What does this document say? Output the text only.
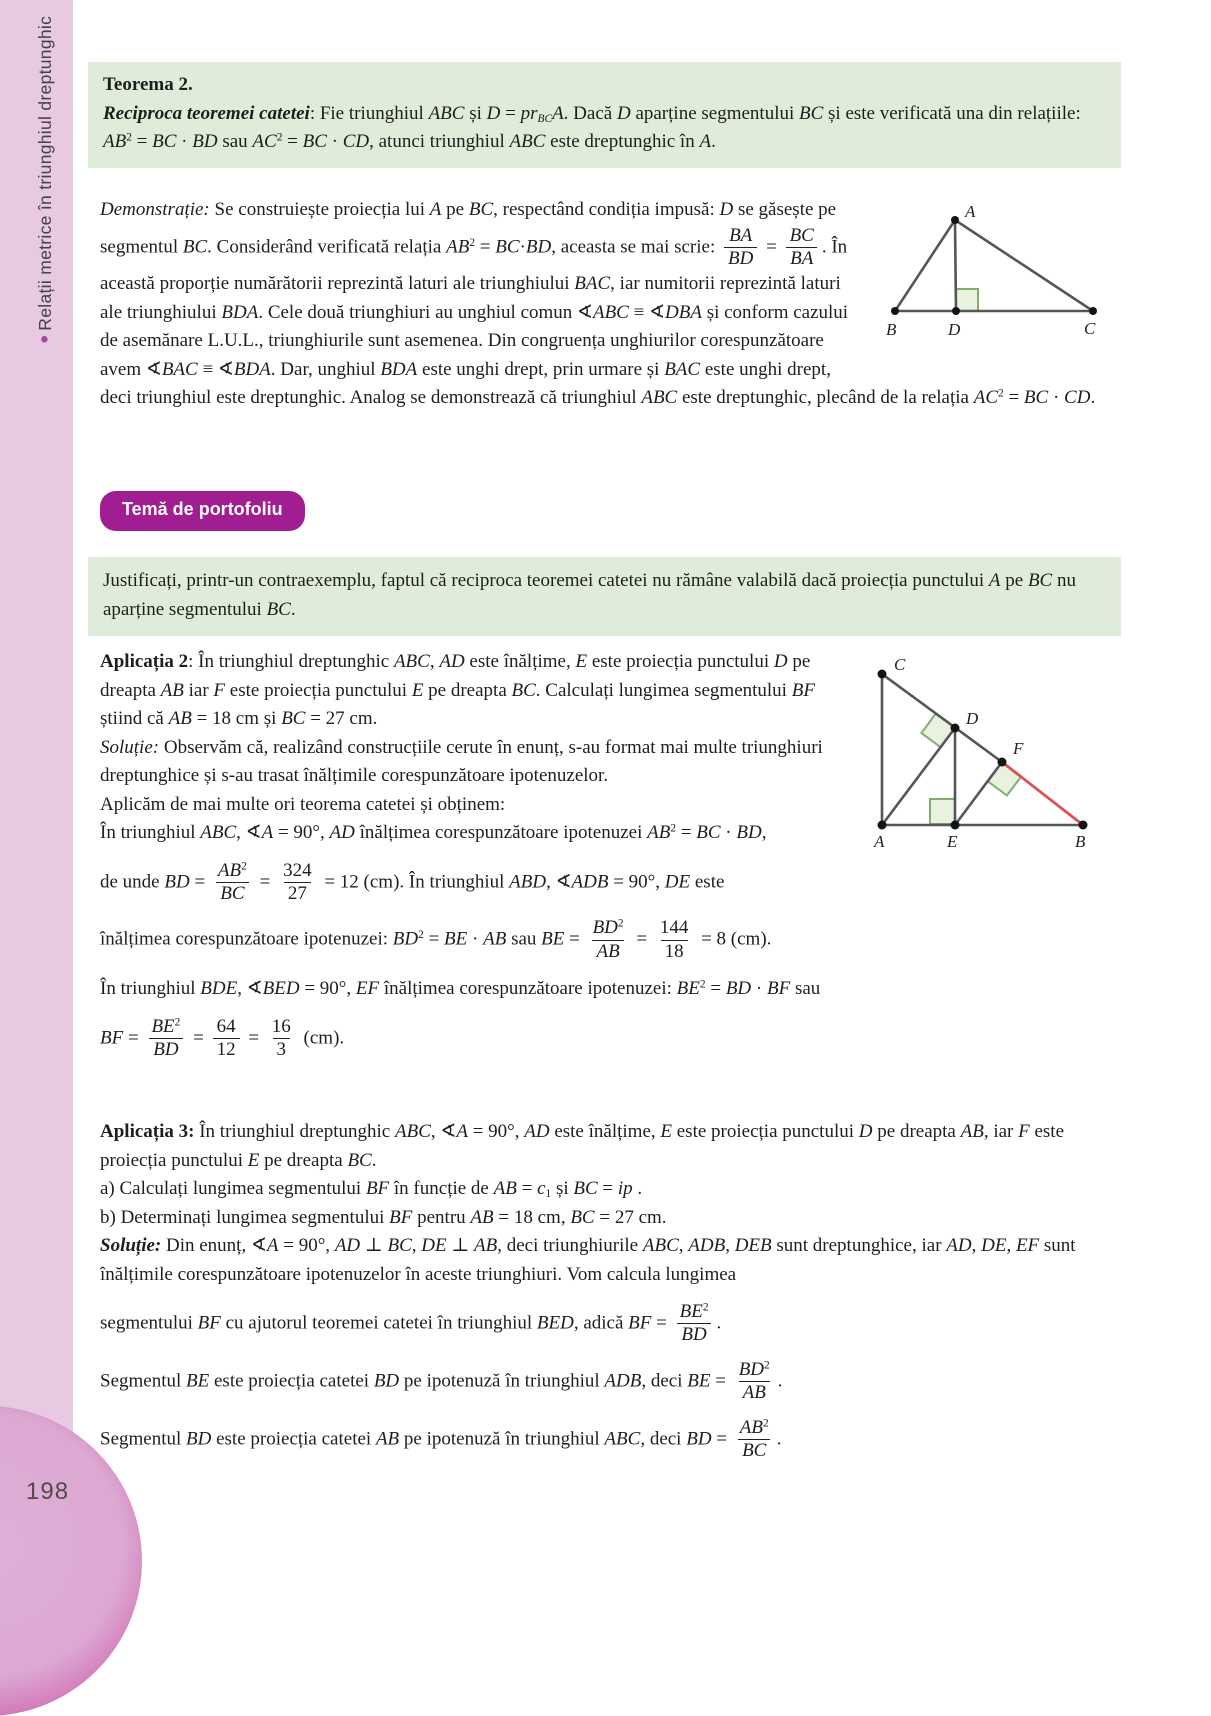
●Relații metrice în triunghiul dreptunghic
198
Teorema 2.

Reciproca teoremei catetei: Fie triunghiul ABC și $D = pr_{BC}A$. Dacă D aparține segmentului BC și este verificată una din relațiile: $AB^2$ = BC · BD sau $AC^2$ = BC · CD, atunci triunghiul ABC este dreptunghic în A.

A
B	D	C

Demonstrație: Se construiește proiecția lui A pe BC, respectând condiția impusă: D se găsește pe segmentul BC. Considerând verificată relația $AB^2 = BC\cdot BD$, aceasta se mai scrie: $\frac{BA}{BD} = \frac{BC}{BA}$ . În această proporție numărătorii reprezintă laturi ale triunghiului BAC, iar numitorii reprezintă laturi ale triunghiului BDA. Cele două triunghiuri au unghiul comun ∢ABC ≡ ∢DBA și conform cazului de asemănare L.U.L., triunghiurile sunt asemenea. Din congruența unghiurilor corespunzătoare avem ∢BAC ≡ ∢BDA. Dar, unghiul BDA este unghi drept, prin urmare și BAC este unghi drept, deci triunghiul este dreptunghic. Analog se demonstrează că triunghiul ABC este dreptunghic, plecând de la relația $AC^2$ = BC · CD.

Temă de portofoliu

Justificați, printr-un contraexemplu, faptul că reciproca teoremei catetei nu rămâne valabilă dacă proiecția punctului A pe BC nu aparține segmentului BC.

C
D
F
A	E	B

Aplicația 2: În triunghiul dreptunghic ABC, AD este înălțime, E este proiecția punctului D pe dreapta AB iar F este proiecția punctului E pe dreapta BC. Calculați lungimea segmentului BF știind că AB = 18 cm și BC = 27 cm.

Soluție: Observăm că, realizând construcțiile cerute în enunț, s-au format mai multe triunghiuri dreptunghice și s-au trasat înălțimile corespunzătoare ipotenuzelor.

Aplicăm de mai multe ori teorema catetei și obținem:

În triunghiul ABC, ∢A = 90°, AD înălțimea corespunzătoare ipotenuzei $AB^2$ = BC · BD,

de unde BD = $\frac{AB^2}{BC} = \frac{324}{27} = 12$ (cm). În triunghiul ABD, ∢ADB = 90°, DE este

înălțimea corespunzătoare ipotenuzei: $BD^2$ = BE · AB sau BE = $\frac{BD^2}{AB} = \frac{144}{18} = 8$ (cm).

În triunghiul BDE, ∢BED = 90°, EF înălțimea corespunzătoare ipotenuzei: $BE^2$ = BD · BF sau

BF = $\frac{BE^2}{BD} = \frac{64}{12} = \frac{16}{3} (cm)$.

Aplicația 3: În triunghiul dreptunghic ABC, ∢A = 90°, AD este înălțime, E este proiecția punctului D pe dreapta AB, iar F este proiecția punctului E pe dreapta BC.

a) Calculați lungimea segmentului BF în funcție de AB = $c_1$ și BC = ip .

b) Determinați lungimea segmentului BF pentru AB = 18 cm, BC = 27 cm.

Soluție: Din enunț, ∢A = 90°, AD ⊥ BC, DE ⊥ AB, deci triunghiurile ABC, ADB, DEB sunt dreptunghice, iar AD, DE, EF sunt înălțimile corespunzătoare ipotenuzelor în aceste triunghiuri. Vom calcula lungimea

segmentului BF cu ajutorul teoremei catetei în triunghiul BED, adică BF = $\frac{BE^2}{BD}$ .

Segmentul BE este proiecția catetei BD pe ipotenuză în triunghiul ADB, deci BE = $\frac{BD^2}{AB}$ .

Segmentul BD este proiecția catetei AB pe ipotenuză în triunghiul ABC, deci BD = $\frac{AB^2}{BC}$ .
